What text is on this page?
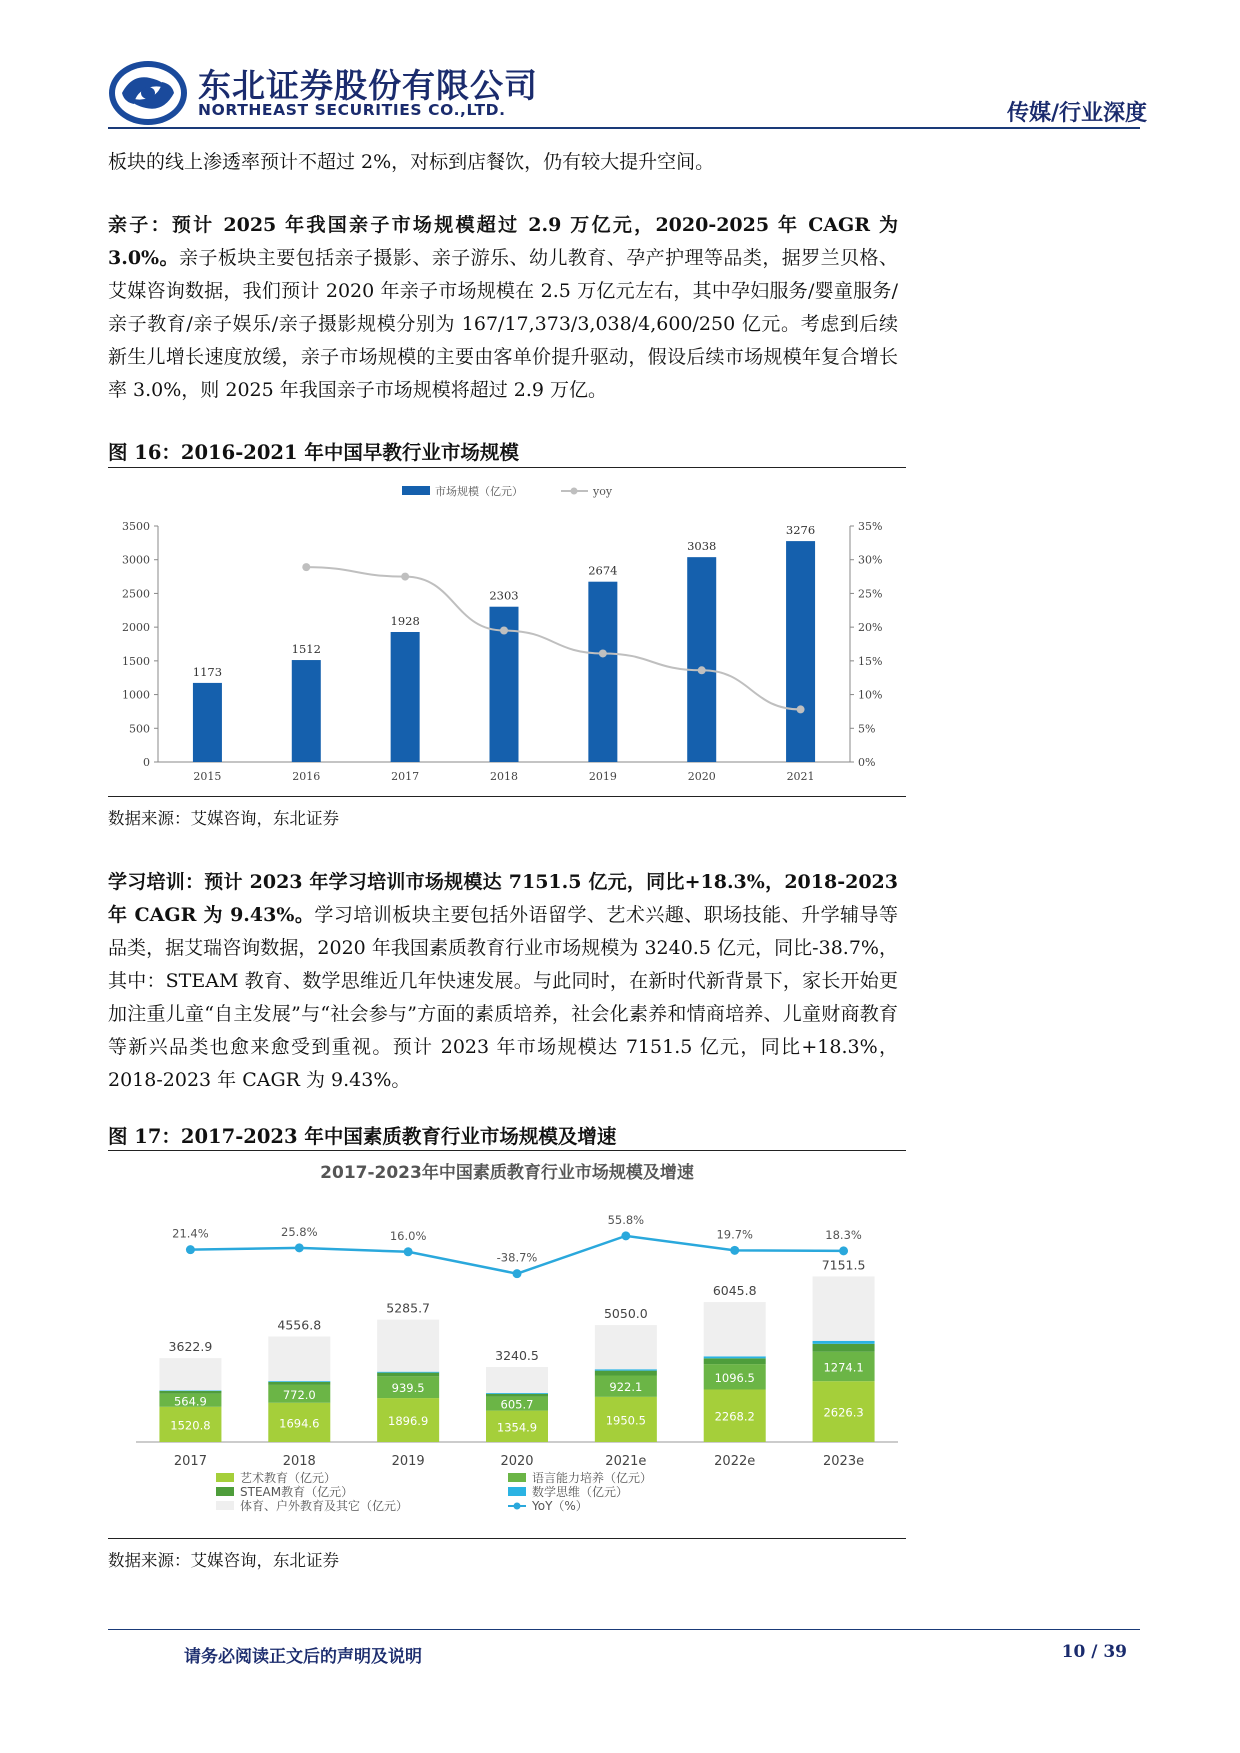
东北证券股份有限公司
NORTHEAST SECURITIES CO.,LTD.	传媒/行业深度
板块的线上渗透率预计不超过 2%，对标到店餐饮，仍有较大提升空间。
亲子：预计 2025 年我国亲子市场规模超过 2.9 万亿元，2020-2025 年 CAGR 为 3.0%。亲子板块主要包括亲子摄影、亲子游乐、幼儿教育、孕产护理等品类，据罗兰贝格、艾媒咨询数据，我们预计 2020 年亲子市场规模在 2.5 万亿元左右，其中孕妇服务/婴童服务/亲子教育/亲子娱乐/亲子摄影规模分别为 167/17,373/3,038/4,600/250 亿元。考虑到后续新生儿增长速度放缓，亲子市场规模的主要由客单价提升驱动，假设后续市场规模年复合增长率 3.0%，则 2025 年我国亲子市场规模将超过 2.9 万亿。
图 16：2016-2021 年中国早教行业市场规模
市场规模（亿元）	yoy
0
500
1000
1500
2000
2500
3000
3500
0%
5%
10%
15%
20%
25%
30%
35%
1173
1512
1928
2303
2674
3038
3276
2015	2016	2017	2018	2019	2020	2021
数据来源：艾媒咨询，东北证券
学习培训：预计 2023 年学习培训市场规模达 7151.5 亿元，同比+18.3%，2018-2023 年 CAGR 为 9.43%。学习培训板块主要包括外语留学、艺术兴趣、职场技能、升学辅导等品类，据艾瑞咨询数据，2020 年我国素质教育行业市场规模为 3240.5 亿元，同比-38.7%，其中：STEAM 教育、数学思维近几年快速发展。与此同时，在新时代新背景下，家长开始更加注重儿童“自主发展”与“社会参与”方面的素质培养，社会化素养和情商培养、儿童财商教育等新兴品类也愈来愈受到重视。预计 2023 年市场规模达 7151.5 亿元，同比+18.3%，2018-2023 年 CAGR 为 9.43%。
图 17：2017-2023 年中国素质教育行业市场规模及增速
2017-2023年中国素质教育行业市场规模及增速
1520.8
564.9
3622.9
1694.6
772.0
4556.8
1896.9
939.5
5285.7
1354.9
605.7
3240.5
1950.5
922.1
5050.0
2268.2
1096.5
6045.8
2626.3
1274.1
7151.5
21.4%	25.8%	16.0%
-38.7%
55.8%
19.7%	18.3%
2017	2018	2019	2020	2021e	2022e	2023e
艺术教育（亿元）
STEAM教育（亿元）
体育、户外教育及其它（亿元）
语言能力培养（亿元）
数学思维（亿元）
YoY（%）
数据来源：艾媒咨询，东北证券
请务必阅读正文后的声明及说明	10 / 39
